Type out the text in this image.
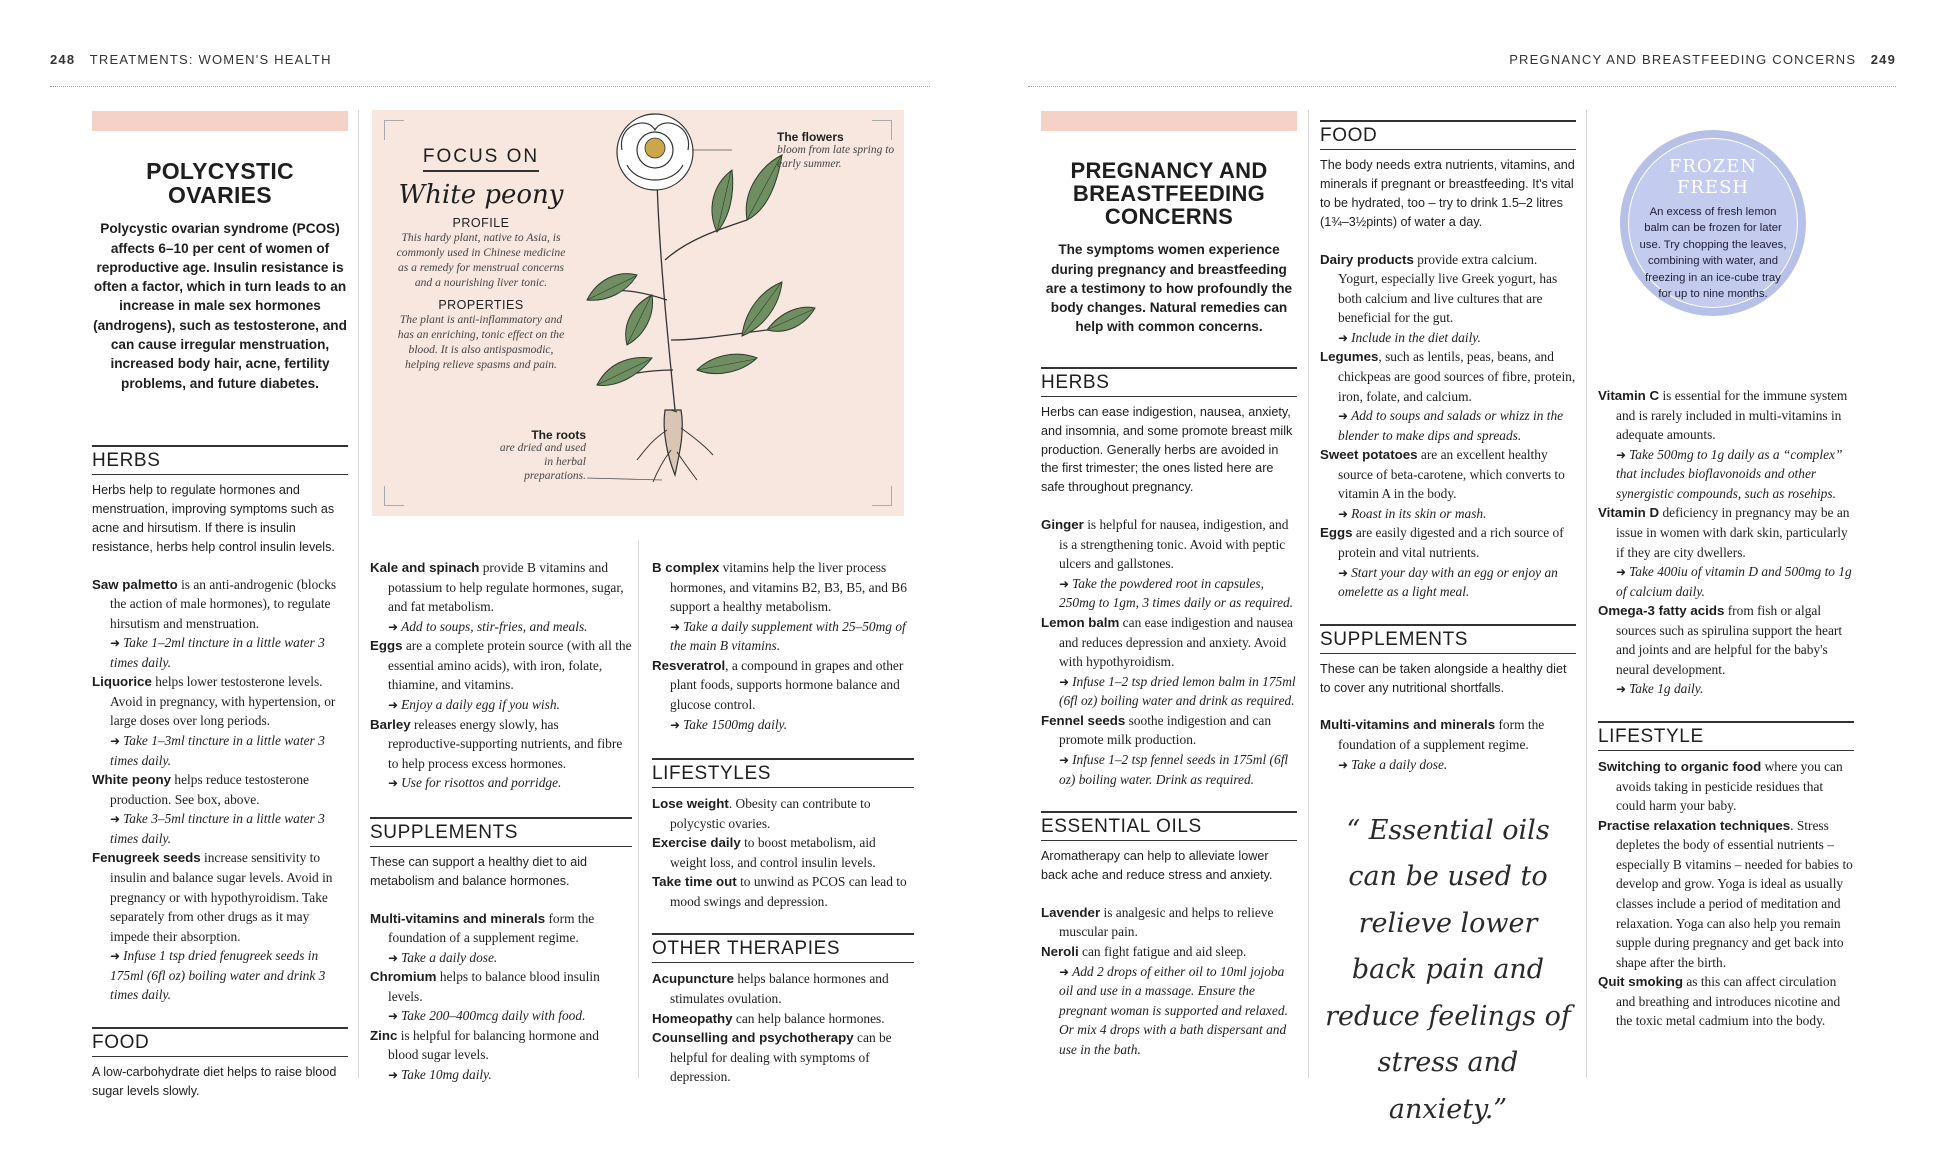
248 TREATMENTS: WOMEN'S HEALTH	PREGNANCY AND BREASTFEEDING CONCERNS 249
POLYCYSTIC
OVARIES

Polycystic ovarian syndrome (PCOS) affects 6–10 per cent of women of reproductive age. Insulin resistance is often a factor, which in turn leads to an increase in male sex hormones (androgens), such as testosterone, and can cause irregular menstruation, increased body hair, acne, fertility problems, and future diabetes.

HERBS

Herbs help to regulate hormones and menstruation, improving symptoms such as acne and hirsutism. If there is insulin resistance, herbs help control insulin levels.

Saw palmetto is an anti-androgenic (blocks the action of male hormones), to regulate hirsutism and menstruation.
➜ Take 1–2ml tincture in a little water 3 times daily.

Liquorice helps lower testosterone levels. Avoid in pregnancy, with hypertension, or large doses over long periods.
➜ Take 1–3ml tincture in a little water 3 times daily.

White peony helps reduce testosterone production. See box, above.
➜ Take 3–5ml tincture in a little water 3 times daily.

Fenugreek seeds increase sensitivity to insulin and balance sugar levels. Avoid in pregnancy or with hypothyroidism. Take separately from other drugs as it may impede their absorption.
➜ Infuse 1 tsp dried fenugreek seeds in 175ml (6fl oz) boiling water and drink 3 times daily.

FOOD

A low-carbohydrate diet helps to raise blood sugar levels slowly.

FOCUS ON
White peony
PROFILE

This hardy plant, native to Asia, is commonly used in Chinese medicine as a remedy for menstrual concerns and a nourishing liver tonic.

PROPERTIES

The plant is anti-inflammatory and has an enriching, tonic effect on the blood. It is also antispasmodic, helping relieve spasms and pain.

The flowers
bloom from late spring to early summer.
The roots
are dried and used in herbal preparations.

Kale and spinach provide B vitamins and potassium to help regulate hormones, sugar, and fat metabolism.
➜ Add to soups, stir-fries, and meals.

Eggs are a complete protein source (with all the essential amino acids), with iron, folate, thiamine, and vitamins.
➜ Enjoy a daily egg if you wish.

Barley releases energy slowly, has reproductive-supporting nutrients, and fibre to help process excess hormones.
➜ Use for risottos and porridge.

SUPPLEMENTS

These can support a healthy diet to aid metabolism and balance hormones.

Multi-vitamins and minerals form the foundation of a supplement regime.
➜ Take a daily dose.

Chromium helps to balance blood insulin levels.
➜ Take 200–400mcg daily with food.

Zinc is helpful for balancing hormone and blood sugar levels.
➜ Take 10mg daily.

B complex vitamins help the liver process hormones, and vitamins B2, B3, B5, and B6 support a healthy metabolism.
➜ Take a daily supplement with 25–50mg of the main B vitamins.

Resveratrol, a compound in grapes and other plant foods, supports hormone balance and glucose control.
➜ Take 1500mg daily.

LIFESTYLES

Lose weight. Obesity can contribute to polycystic ovaries.

Exercise daily to boost metabolism, aid weight loss, and control insulin levels.

Take time out to unwind as PCOS can lead to mood swings and depression.

OTHER THERAPIES

Acupuncture helps balance hormones and stimulates ovulation.

Homeopathy can help balance hormones.

Counselling and psychotherapy can be helpful for dealing with symptoms of depression.

PREGNANCY AND
BREASTFEEDING
CONCERNS

The symptoms women experience during pregnancy and breastfeeding are a testimony to how profoundly the body changes. Natural remedies can help with common concerns.

HERBS

Herbs can ease indigestion, nausea, anxiety, and insomnia, and some promote breast milk production. Generally herbs are avoided in the first trimester; the ones listed here are safe throughout pregnancy.

Ginger is helpful for nausea, indigestion, and is a strengthening tonic. Avoid with peptic ulcers and gallstones.
➜ Take the powdered root in capsules, 250mg to 1gm, 3 times daily or as required.

Lemon balm can ease indigestion and nausea and reduces depression and anxiety. Avoid with hypothyroidism.
➜ Infuse 1–2 tsp dried lemon balm in 175ml (6fl oz) boiling water and drink as required.

Fennel seeds soothe indigestion and can promote milk production.
➜ Infuse 1–2 tsp fennel seeds in 175ml (6fl oz) boiling water. Drink as required.

ESSENTIAL OILS

Aromatherapy can help to alleviate lower back ache and reduce stress and anxiety.

Lavender is analgesic and helps to relieve muscular pain.

Neroli can fight fatigue and aid sleep.
➜ Add 2 drops of either oil to 10ml jojoba oil and use in a massage. Ensure the pregnant woman is supported and relaxed. Or mix 4 drops with a bath dispersant and use in the bath.

FOOD

The body needs extra nutrients, vitamins, and minerals if pregnant or breastfeeding. It's vital to be hydrated, too – try to drink 1.5–2 litres (1¾–3½pints) of water a day.

Dairy products provide extra calcium. Yogurt, especially live Greek yogurt, has both calcium and live cultures that are beneficial for the gut.
➜ Include in the diet daily.

Legumes, such as lentils, peas, beans, and chickpeas are good sources of fibre, protein, iron, folate, and calcium.
➜ Add to soups and salads or whizz in the blender to make dips and spreads.

Sweet potatoes are an excellent healthy source of beta-carotene, which converts to vitamin A in the body.
➜ Roast in its skin or mash.

Eggs are easily digested and a rich source of protein and vital nutrients.
➜ Start your day with an egg or enjoy an omelette as a light meal.

SUPPLEMENTS

These can be taken alongside a healthy diet to cover any nutritional shortfalls.

Multi-vitamins and minerals form the foundation of a supplement regime.
➜ Take a daily dose.

“ Essential oils can be used to relieve lower back pain and reduce feelings of stress and anxiety.”
FROZEN FRESH

An excess of fresh lemon balm can be frozen for later use. Try chopping the leaves, combining with water, and freezing in an ice-cube tray for up to nine months.

Vitamin C is essential for the immune system and is rarely included in multi-vitamins in adequate amounts.
➜ Take 500mg to 1g daily as a “complex” that includes bioflavonoids and other synergistic compounds, such as rosehips.

Vitamin D deficiency in pregnancy may be an issue in women with dark skin, particularly if they are city dwellers.
➜ Take 400iu of vitamin D and 500mg to 1g of calcium daily.

Omega-3 fatty acids from fish or algal sources such as spirulina support the heart and joints and are helpful for the baby's neural development.
➜ Take 1g daily.

LIFESTYLE

Switching to organic food where you can avoids taking in pesticide residues that could harm your baby.

Practise relaxation techniques. Stress depletes the body of essential nutrients – especially B vitamins – needed for babies to develop and grow. Yoga is ideal as usually classes include a period of meditation and relaxation. Yoga can also help you remain supple during pregnancy and get back into shape after the birth.

Quit smoking as this can affect circulation and breathing and introduces nicotine and the toxic metal cadmium into the body.
